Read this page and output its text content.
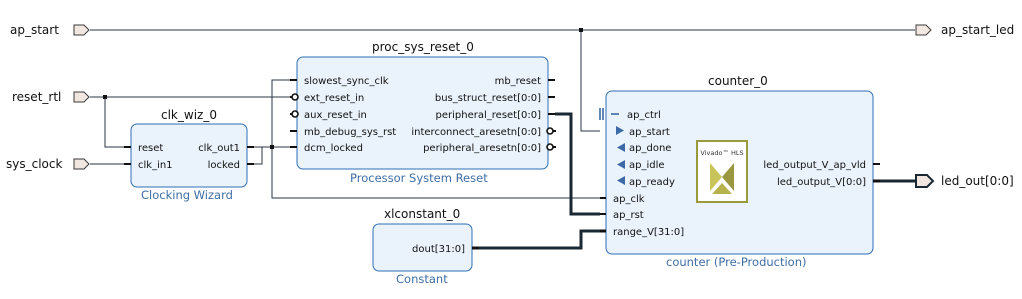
ap_start
reset_rtl
sys_clock
ap_start_led
led_out[0:0]
clk_wiz_0
Clocking Wizard
reset
clk_in1
clk_out1
locked
proc_sys_reset_0
Processor System Reset
slowest_sync_clk
ext_reset_in
aux_reset_in
mb_debug_sys_rst
dcm_locked
mb_reset
bus_struct_reset[0:0]
peripheral_reset[0:0]
interconnect_aresetn[0:0]
peripheral_aresetn[0:0]
xlconstant_0
Constant
dout[31:0]
counter_0
counter (Pre-Production)
ap_ctrl
ap_start
ap_done
ap_idle
ap_ready
ap_clk
ap_rst
range_V[31:0]
led_output_V_ap_vld
led_output_V[0:0]
Vivado™ HLS
